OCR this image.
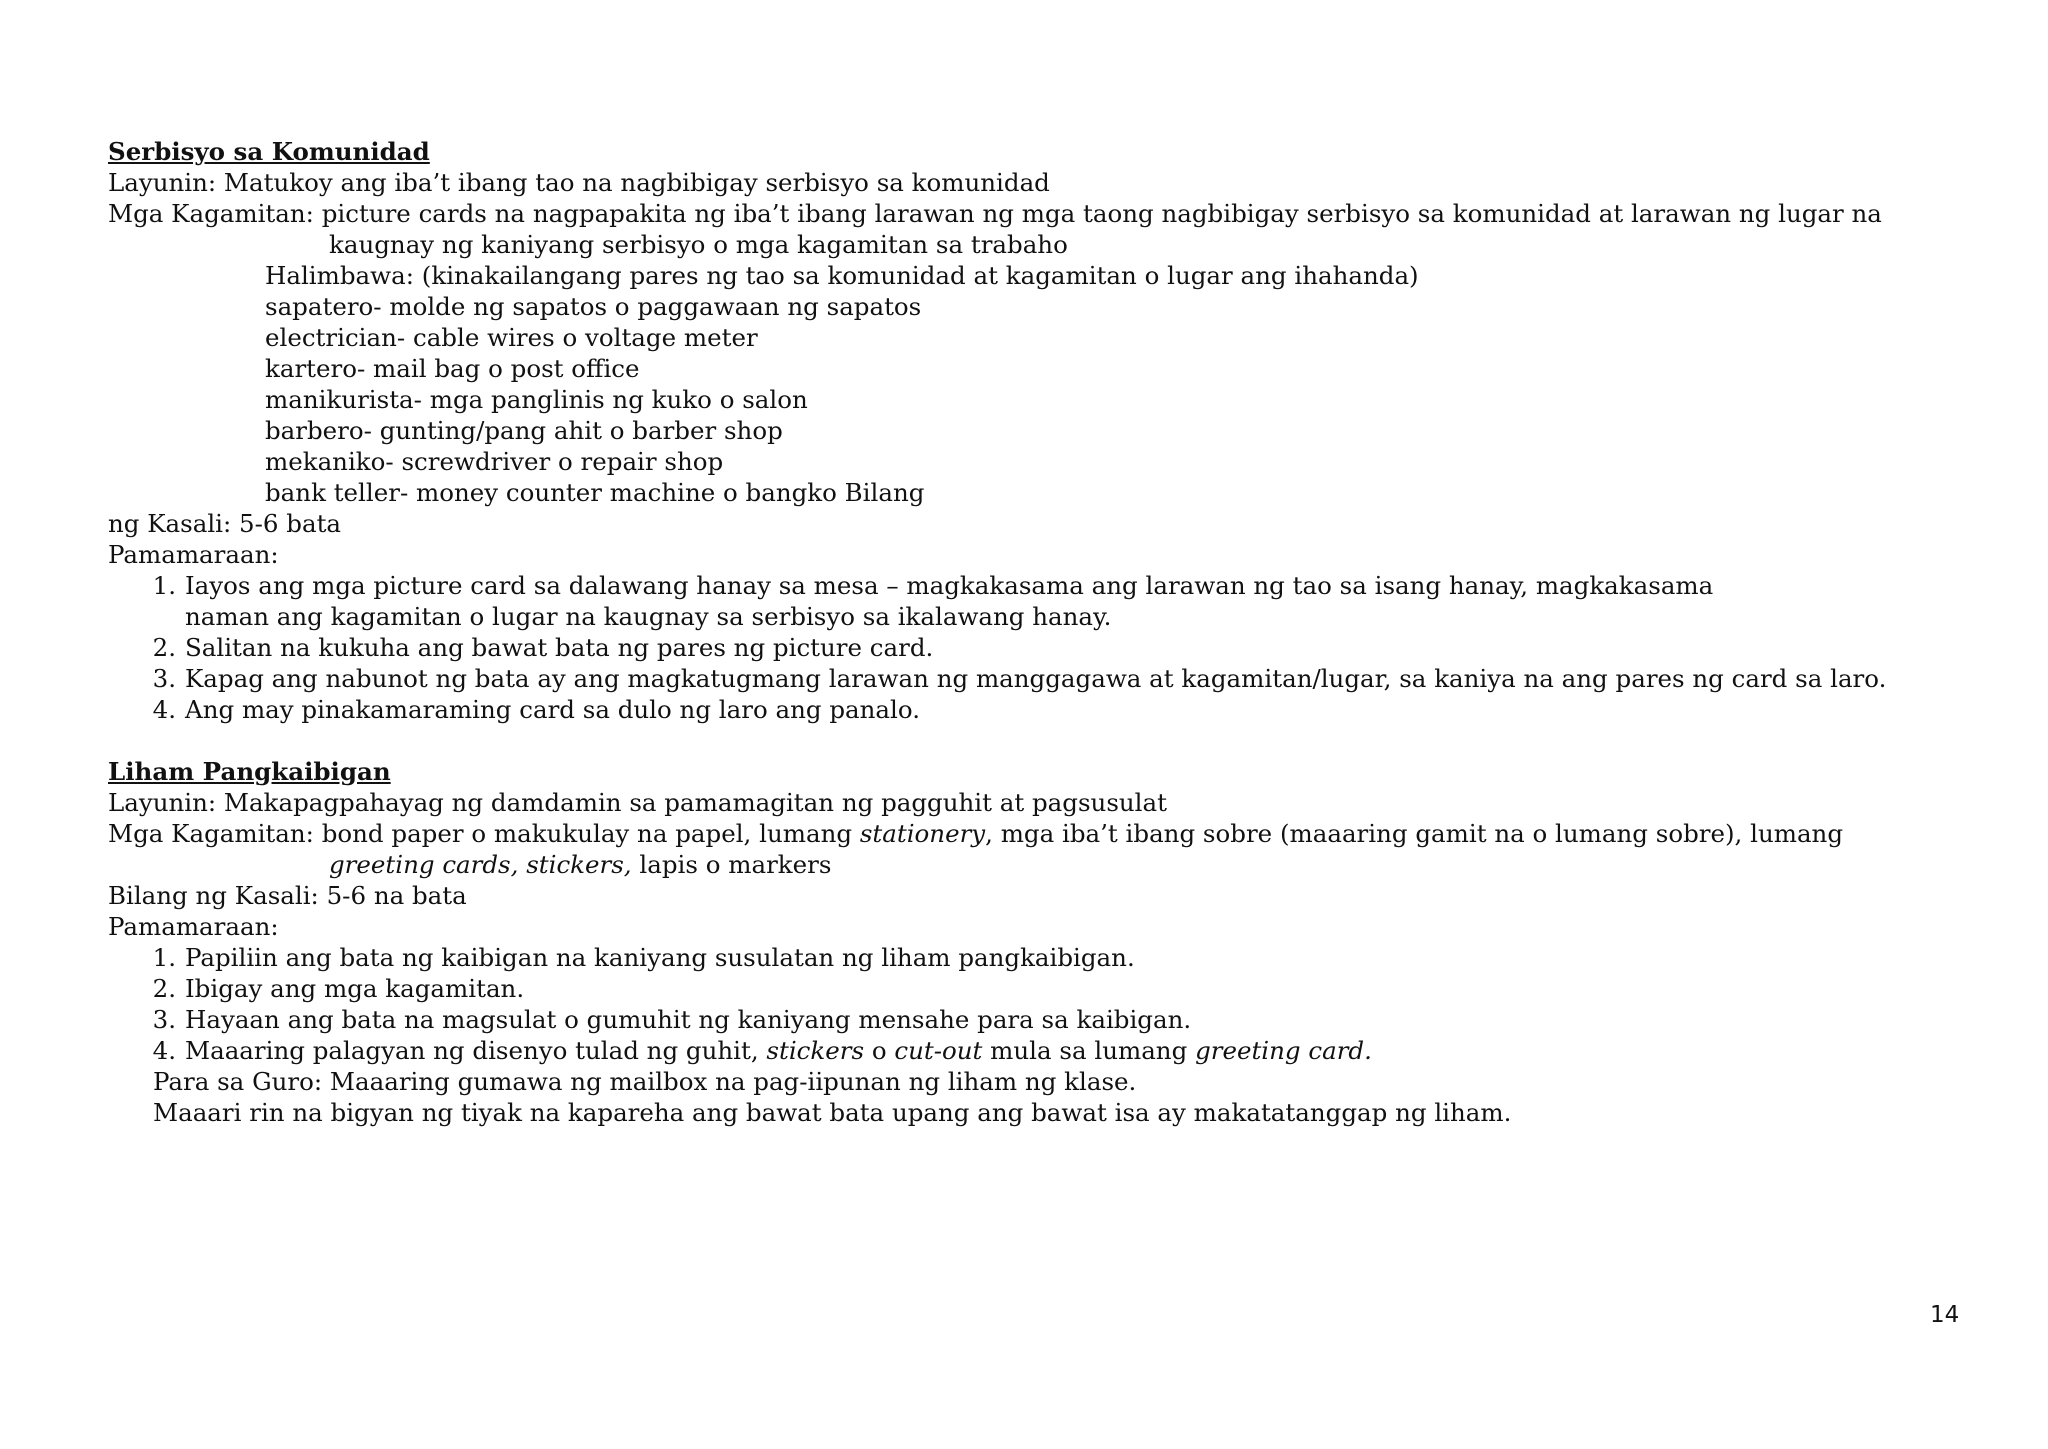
Serbisyo sa Komunidad
Layunin: Matukoy ang iba’t ibang tao na nagbibigay serbisyo sa komunidad
Mga Kagamitan: picture cards na nagpapakita ng iba’t ibang larawan ng mga taong nagbibigay serbisyo sa komunidad at larawan ng lugar na
kaugnay ng kaniyang serbisyo o mga kagamitan sa trabaho
Halimbawa: (kinakailangang pares ng tao sa komunidad at kagamitan o lugar ang ihahanda)
sapatero- molde ng sapatos o paggawaan ng sapatos
electrician- cable wires o voltage meter
kartero- mail bag o post office
manikurista- mga panglinis ng kuko o salon
barbero- gunting/pang ahit o barber shop
mekaniko- screwdriver o repair shop
bank teller- money counter machine o bangko Bilang
ng Kasali: 5-6 bata
Pamamaraan:
1. Iayos ang mga picture card sa dalawang hanay sa mesa – magkakasama ang larawan ng tao sa isang hanay, magkakasama
naman ang kagamitan o lugar na kaugnay sa serbisyo sa ikalawang hanay.
2. Salitan na kukuha ang bawat bata ng pares ng picture card.
3. Kapag ang nabunot ng bata ay ang magkatugmang larawan ng manggagawa at kagamitan/lugar, sa kaniya na ang pares ng card sa laro.
4. Ang may pinakamaraming card sa dulo ng laro ang panalo.
Liham Pangkaibigan
Layunin: Makapagpahayag ng damdamin sa pamamagitan ng pagguhit at pagsusulat
Mga Kagamitan: bond paper o makukulay na papel, lumang stationery, mga iba’t ibang sobre (maaaring gamit na o lumang sobre), lumang
greeting cards, stickers, lapis o markers
Bilang ng Kasali: 5-6 na bata
Pamamaraan:
1. Papiliin ang bata ng kaibigan na kaniyang susulatan ng liham pangkaibigan.
2. Ibigay ang mga kagamitan.
3. Hayaan ang bata na magsulat o gumuhit ng kaniyang mensahe para sa kaibigan.
4. Maaaring palagyan ng disenyo tulad ng guhit, stickers o cut-out mula sa lumang greeting card.
Para sa Guro: Maaaring gumawa ng mailbox na pag-iipunan ng liham ng klase.
Maaari rin na bigyan ng tiyak na kapareha ang bawat bata upang ang bawat isa ay makatatanggap ng liham.
14
